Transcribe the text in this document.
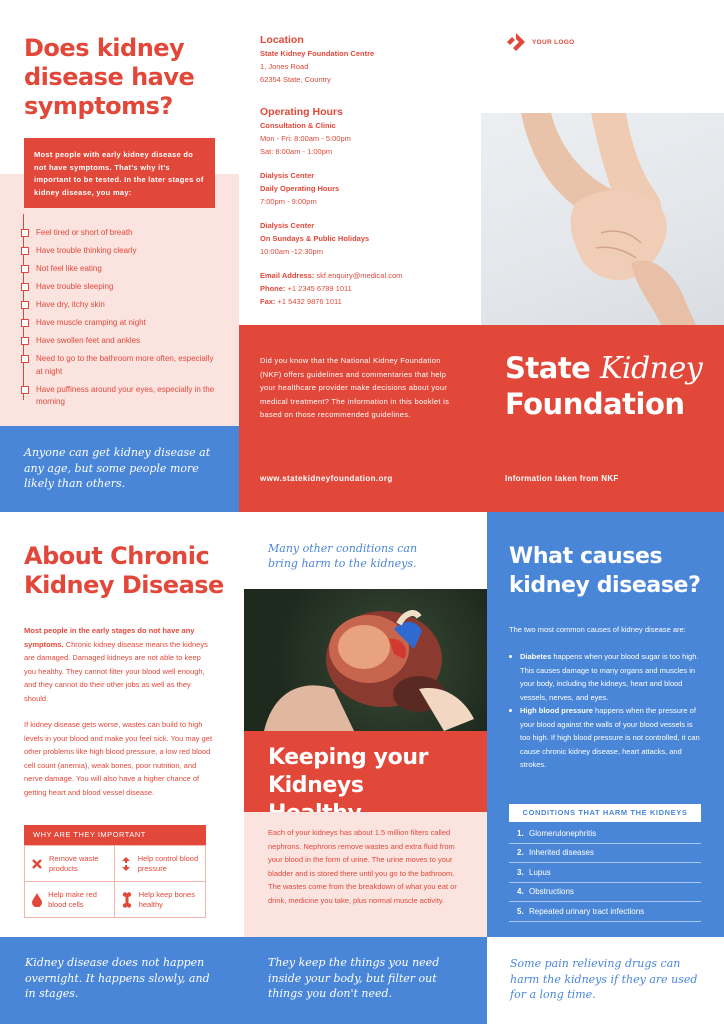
Does kidney disease have symptoms?

Most people with early kidney disease do not have symptoms. That's why it's important to be tested. In the later stages of kidney disease, you may:

Feel tired or short of breath
Have trouble thinking clearly
Not feel like eating
Have trouble sleeping
Have dry, itchy skin
Have muscle cramping at night
Have swollen feet and ankles
Need to go to the bathroom more often, especially at night
Have puffiness around your eyes, especially in the morning

Anyone can get kidney disease at any age, but some people more likely than others.

Location
State Kidney Foundation Centre
1, Jones Road
62354 State, Country
Operating Hours
Consultation & Clinic
Mon - Fri: 8:00am - 5:00pm
Sat: 8:00am - 1:00pm
Dialysis Center
Daily Operating Hours
7:00pm - 9:00pm
Dialysis Center
On Sundays & Public Holidays
10:00am -12:30pm
Email Address: skf.enquiry@medical.com
Phone: +1 2345 6789 1011
Fax: +1 5432 9876 1011
YOUR LOGO

Did you know that the National Kidney Foundation (NKF) offers guidelines and commentaries that help your healthcare provider make decisions about your medical treatment? The information in this booklet is based on those recommended guidelines.

www.statekidneyfoundation.org
State Kidney
Foundation
Information taken from NKF
About Chronic Kidney Disease

Most people in the early stages do not have any symptoms. Chronic kidney disease means the kidneys are damaged. Damaged kidneys are not able to keep you healthy. They cannot filter your blood well enough, and they cannot do their other jobs as well as they should.

If kidney disease gets worse, wastes can build to high levels in your blood and make you feel sick. You may get other problems like high blood pressure, a low red blood cell count (anemia), weak bones, poor nutrition, and nerve damage. You will also have a higher chance of getting heart and blood vessel disease.

WHY ARE THEY IMPORTANT
Remove waste products
Help control blood pressure
Help make red blood cells
Help keep bones healthy

Kidney disease does not happen overnight. It happens slowly, and in stages.

Many other conditions can bring harm to the kidneys.

Keeping your Kidneys

Each of your kidneys has about 1.5 million filters called nephrons. Nephrons remove wastes and extra fluid from your blood in the form of urine. The urine moves to your bladder and is stored there until you go to the bathroom. The wastes come from the breakdown of what you eat or drink, medicine you take, plus normal muscle activity.

They keep the things you need inside your body, but filter out things you don't need.

What causes kidney disease?

The two most common causes of kidney disease are:

Diabetes happens when your blood sugar is too high. This causes damage to many organs and muscles in your body, including the kidneys, heart and blood vessels, nerves, and eyes.
High blood pressure happens when the pressure of your blood against the walls of your blood vessels is too high. If high blood pressure is not controlled, it can cause chronic kidney disease, heart attacks, and strokes.
CONDITIONS THAT HARM THE KIDNEYS
1. Glomerulonephritis
2. Inherited diseases
3. Lupus
4. Obstructions
5. Repeated urinary tract infections

Some pain relieving drugs can harm the kidneys if they are used for a long time.
